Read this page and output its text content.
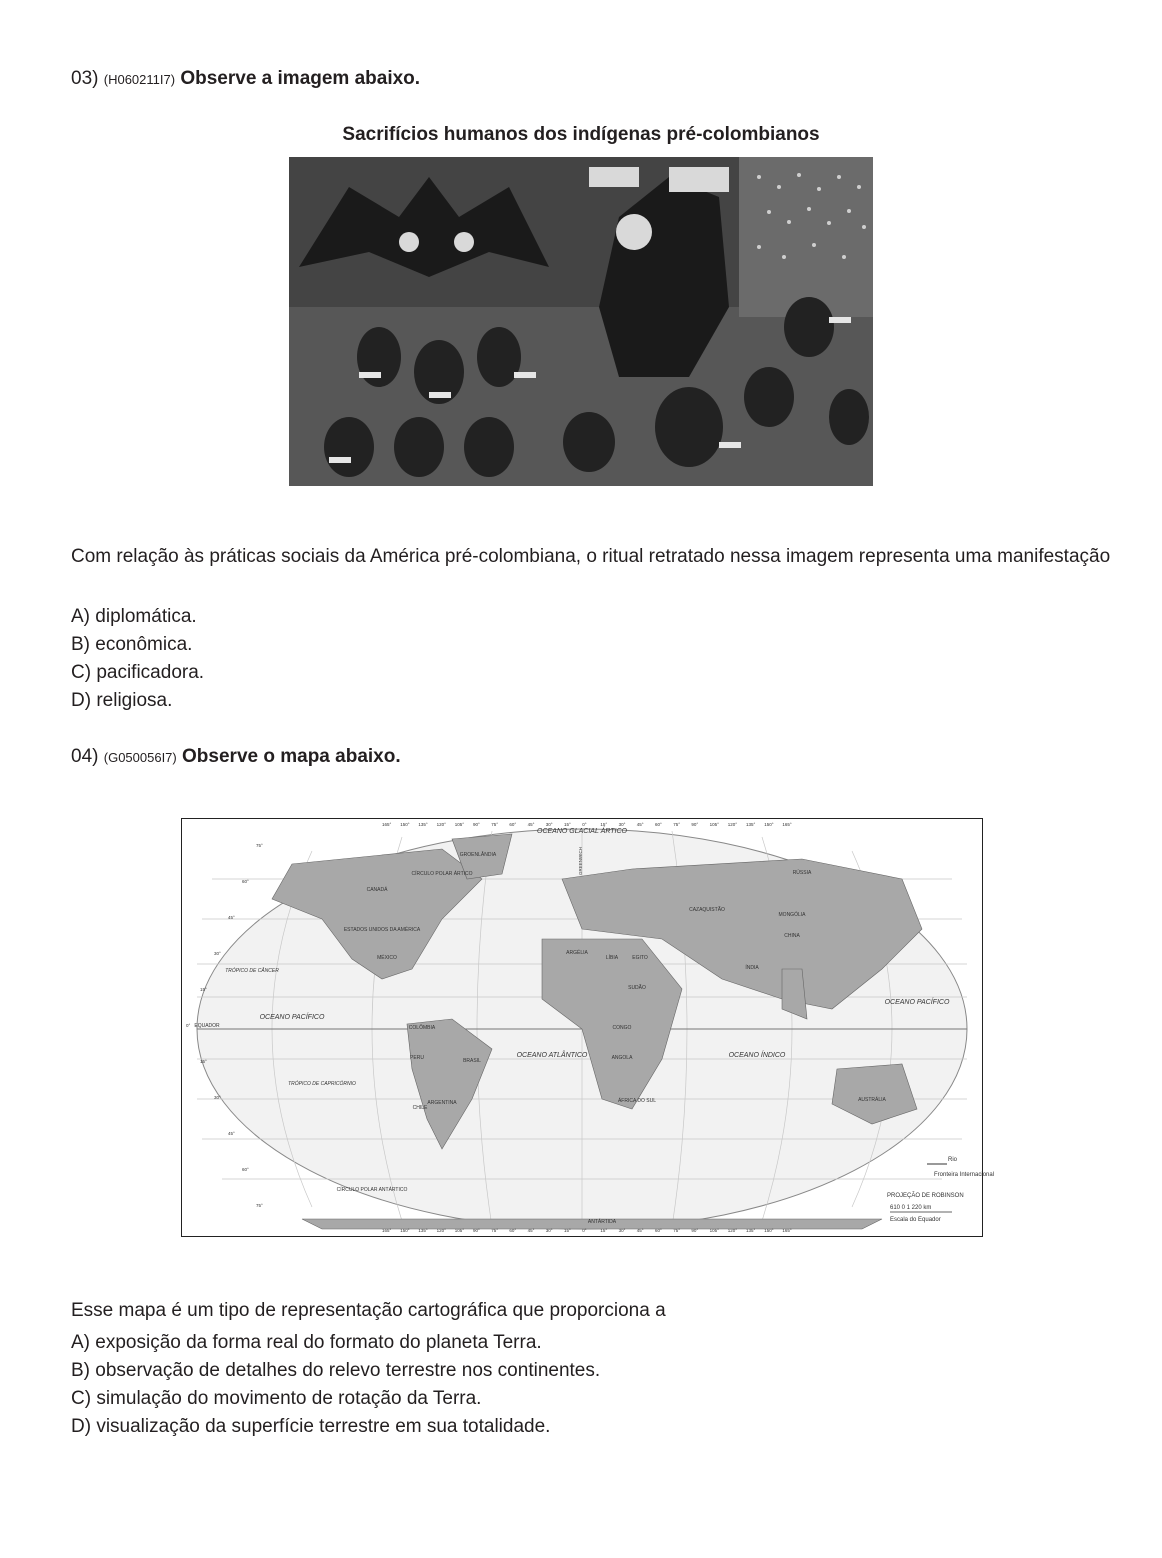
03) (H060211I7) Observe a imagem abaixo.
Sacrifícios humanos dos indígenas pré-colombianos
Com relação às práticas sociais da América pré-colombiana, o ritual retratado nessa imagem representa uma manifestação
A) diplomática.
B) econômica.
C) pacificadora.
D) religiosa.
04) (G050056I7) Observe o mapa abaixo.
OCEANO GLACIAL ÁRTICO
OCEANO PACÍFICO
OCEANO ATLÂNTICO	OCEANO ÍNDICO
OCEANO PACÍFICO
TRÓPICO DE CÂNCER
EQUADOR
TRÓPICO DE CAPRICÓRNIO
CÍRCULO POLAR ÁRTICO
CÍRCULO POLAR ANTÁRTICO
GREENWICH
CANADÁ
ESTADOS UNIDOS DA AMÉRICA
MÉXICO
BRASIL
ARGENTINA
CHILE
RÚSSIA
CHINA
ÍNDIA
AUSTRÁLIA
GROENLÂNDIA
CAZAQUISTÃO
MONGÓLIA
ARGÉLIA
LÍBIA	EGITO
SUDÃO
CONGO
ANGOLA
ÁFRICA DO SUL
PERU
COLÔMBIA
ANTÁRTIDA
Rio
Fronteira Internacional
PROJEÇÃO DE ROBINSON
610 0 1 220 km
Escala do Equador
165°
165°
150°
150°
135°
135°
120°
120°
105°
105°
90°
90°
75°
75°
60°
60°
45°
45°
30°
30°
15°
15°
0°
0°
15°
15°
30°
30°
45°
45°
60°
60°
75°
75°
90°
90°
105°
105°
120°
120°
135°
135°
150°
150°
165°
165°
75°
60°
45°
30°
15°
0°
15°
30°
45°
60°
75°
Esse mapa é um tipo de representação cartográfica que proporciona a
A) exposição da forma real do formato do planeta Terra.
B) observação de detalhes do relevo terrestre nos continentes.
C) simulação do movimento de rotação da Terra.
D) visualização da superfície terrestre em sua totalidade.
